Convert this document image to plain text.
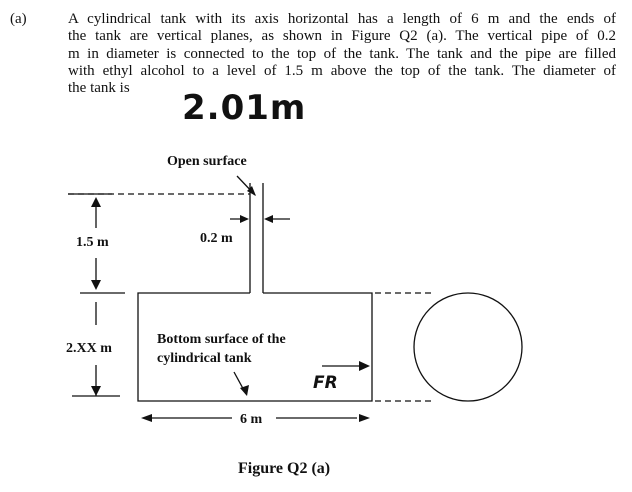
(a)	A cylindrical tank with its axis horizontal has a length of 6 m and the ends of
the tank are vertical planes, as shown in Figure Q2 (a). The vertical pipe of 0.2
m in diameter is connected to the top of the tank. The tank and the pipe are filled
with ethyl alcohol to a level of 1.5 m above the top of the tank. The diameter of
the tank is	2.01m
Open surface
1.5 m	0.2 m
2.XX m
Bottom surface of the
cylindrical tank
6 m
FR
Figure Q2 (a)
